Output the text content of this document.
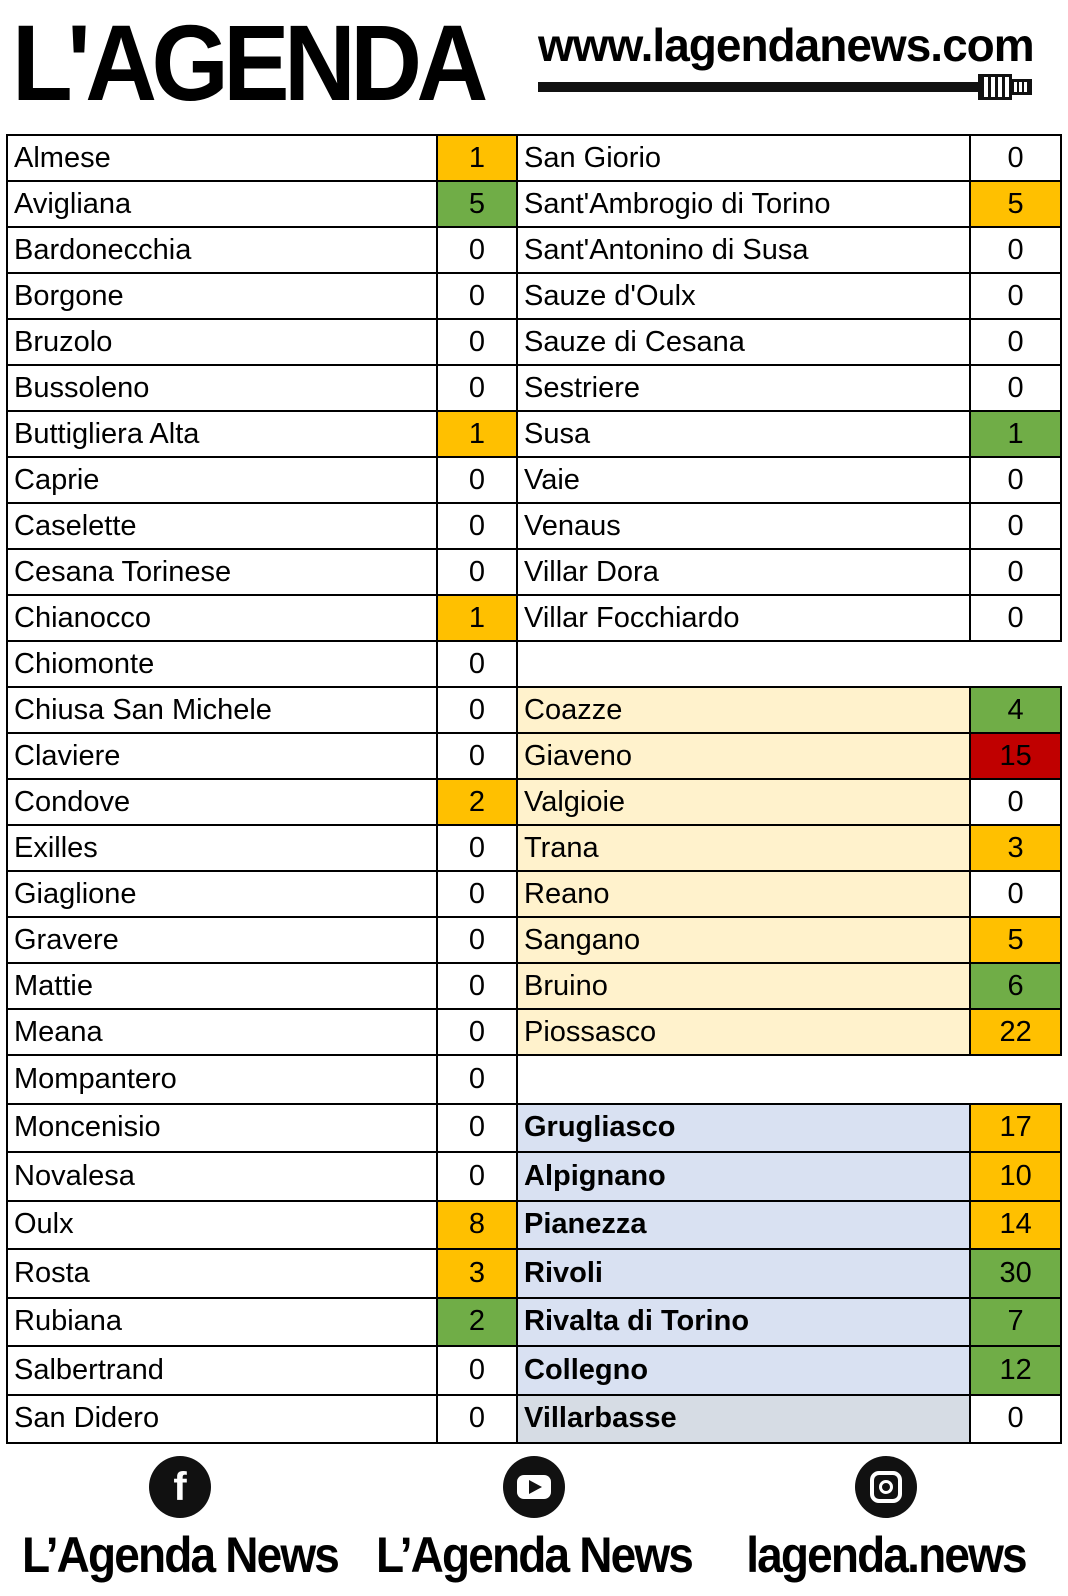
L'AGENDA www.lagendanews.com
Almese	1
Avigliana	5
Bardonecchia	0
Borgone	0
Bruzolo	0
Bussoleno	0
Buttigliera Alta	1
Caprie	0
Caselette	0
Cesana Torinese	0
Chianocco	1
Chiomonte	0
Chiusa San Michele	0
Claviere	0
Condove	2
Exilles	0
Giaglione	0
Gravere	0
Mattie	0
Meana	0
Mompantero	0
Moncenisio	0
Novalesa	0
Oulx	8
Rosta	3
Rubiana	2
Salbertrand	0
San Didero	0
San Giorio	0
Sant'Ambrogio di Torino	5
Sant'Antonino di Susa	0
Sauze d'Oulx	0
Sauze di Cesana	0
Sestriere	0
Susa	1
Vaie	0
Venaus	0
Villar Dora	0
Villar Focchiardo	0

Coazze	4
Giaveno	15
Valgioie	0
Trana	3
Reano	0
Sangano	5
Bruino	6
Piossasco	22

Grugliasco	17
Alpignano	10
Pianezza	14
Rivoli	30
Rivalta di Torino	7
Collegno	12
Villarbasse	0
f
L’Agenda News L’Agenda News	lagenda.news
